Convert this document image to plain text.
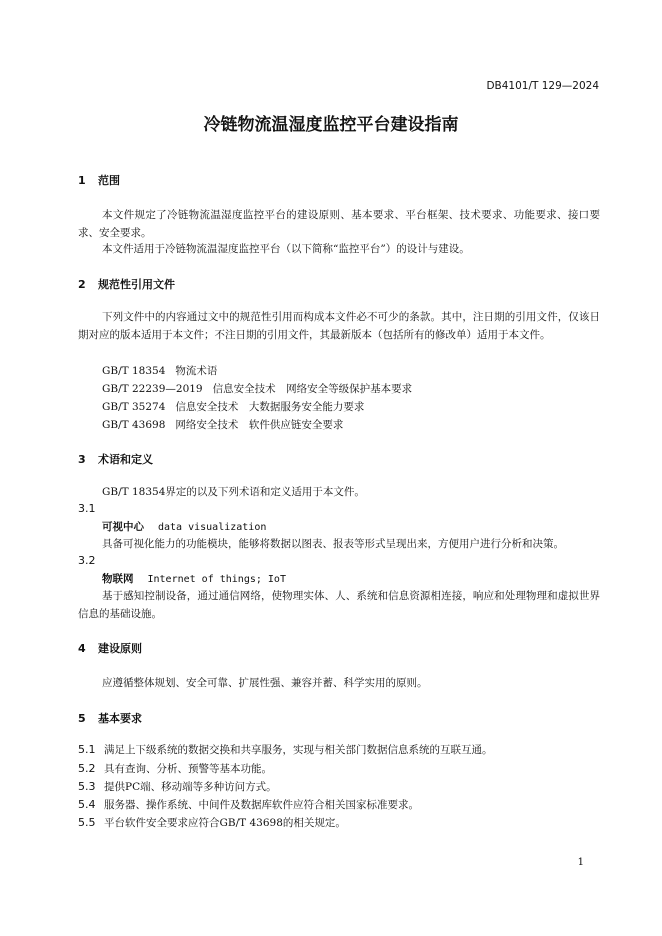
DB4101/T 129—2024
冷链物流温湿度监控平台建设指南
1 范围
本文件规定了冷链物流温湿度监控平台的建设原则、基本要求、平台框架、技术要求、功能要求、接口要求、安全要求。
本文件适用于冷链物流温湿度监控平台（以下简称“监控平台”）的设计与建设。
2 规范性引用文件
下列文件中的内容通过文中的规范性引用而构成本文件必不可少的条款。其中，注日期的引用文件，仅该日期对应的版本适用于本文件；不注日期的引用文件，其最新版本（包括所有的修改单）适用于本文件。
GB/T 18354 物流术语
GB/T 22239—2019 信息安全技术　网络安全等级保护基本要求
GB/T 35274 信息安全技术　大数据服务安全能力要求
GB/T 43698 网络安全技术　软件供应链安全要求
3 术语和定义
GB/T 18354界定的以及下列术语和定义适用于本文件。
3.1
可视中心 data visualization
具备可视化能力的功能模块，能够将数据以图表、报表等形式呈现出来，方便用户进行分析和决策。
3.2
物联网 Internet of things; IoT
基于感知控制设备，通过通信网络，使物理实体、人、系统和信息资源相连接，响应和处理物理和虚拟世界信息的基础设施。
4 建设原则
应遵循整体规划、安全可靠、扩展性强、兼容并蓄、科学实用的原则。
5 基本要求
5.1 满足上下级系统的数据交换和共享服务，实现与相关部门数据信息系统的互联互通。
5.2 具有查询、分析、预警等基本功能。
5.3 提供PC端、移动端等多种访问方式。
5.4 服务器、操作系统、中间件及数据库软件应符合相关国家标准要求。
5.5 平台软件安全要求应符合GB/T 43698的相关规定。
1
